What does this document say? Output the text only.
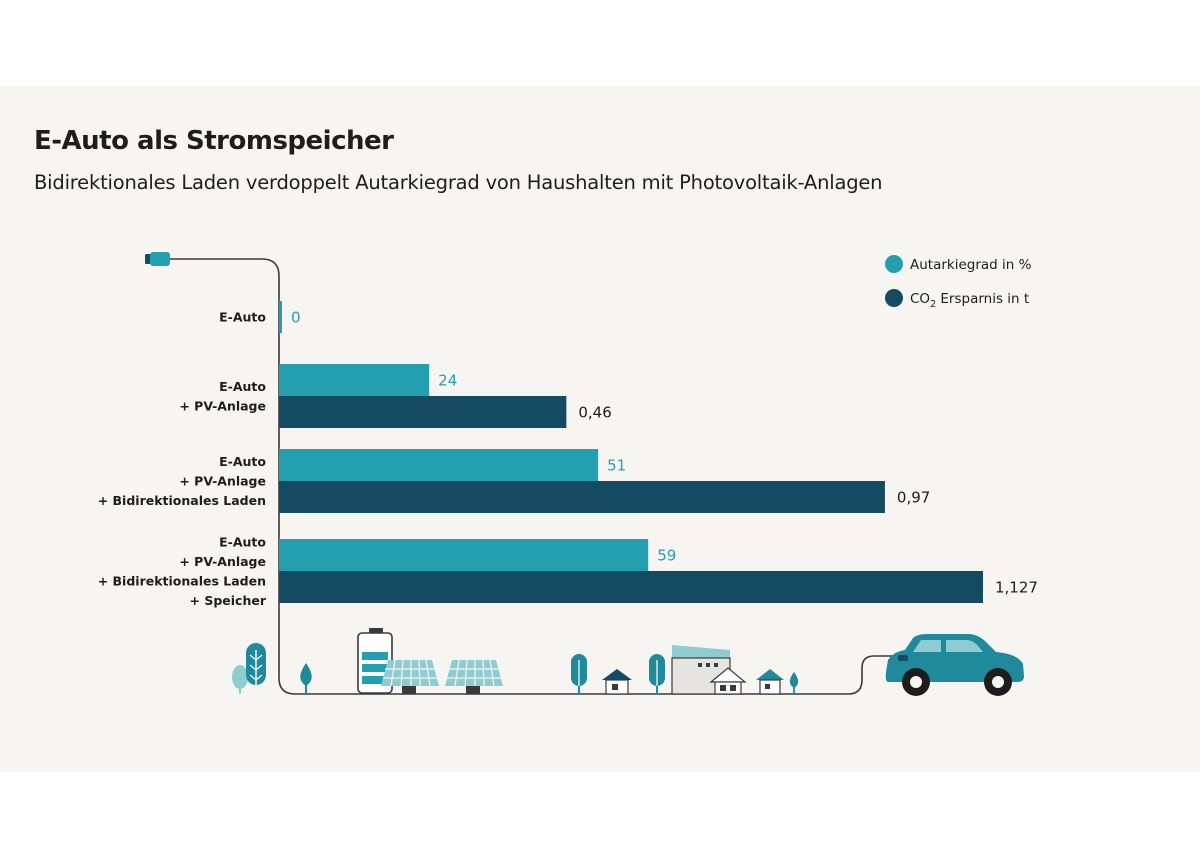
E-Auto als Stromspeicher
Bidirektionales Laden verdoppelt Autarkiegrad von Haushalten mit Photovoltaik-Anlagen
0
24
0,46
51
0,97
59
1,127
E-Auto
E-Auto + PV-Anlage
E-Auto + PV-Anlage + Bidirektionales Laden
E-Auto + PV-Anlage + Bidirektionales Laden + Speicher
Autarkiegrad in %
$CO_2$ Ersparnis in t
